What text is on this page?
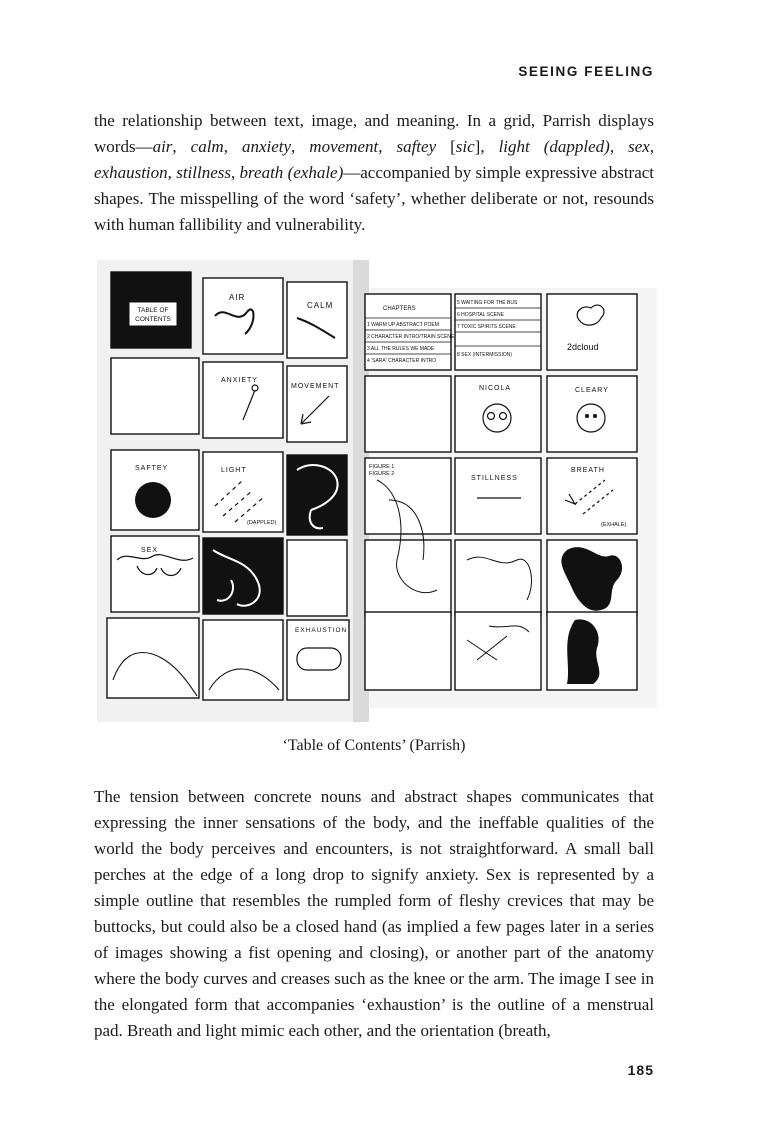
SEEING FEELING

the relationship between text, image, and meaning. In a grid, Parrish displays words—air, calm, anxiety, movement, saftey [sic], light (dappled), sex, exhaustion, stillness, breath (exhale)—accompanied by simple expressive abstract shapes. The misspelling of the word ‘safety’, whether deliberate or not, resounds with human fallibility and vulnerability.

TABLE OF
CONTENTS
AIR
CALM
ANXIETY
MOVEMENT
SAFTEY	LIGHT
(DAPPLED)
SEX
EXHAUSTION
CHAPTERS
1 WARM UP ABSTRACT POEM
2 CHARACTER INTRO/TRAIN SCENE
3 ALL THE RULES WE MADE
4 'SARA' CHARACTER INTRO
5 WAITING FOR THE BUS
6 HOSPITAL SCENE
7 TOXIC SPIRITS SCENE
8 SEX (INTERMISSION)
2dcloud
NICOLA	CLEARY
FIGURE 1
FIGURE 2
STILLNESS
BREATH
(EXHALE)
‘Table of Contents’ (Parrish)

The tension between concrete nouns and abstract shapes communicates that expressing the inner sensations of the body, and the ineffable qualities of the world the body perceives and encounters, is not straightforward. A small ball perches at the edge of a long drop to signify anxiety. Sex is represented by a simple outline that resembles the rumpled form of fleshy crevices that may be buttocks, but could also be a closed hand (as implied a few pages later in a series of images showing a fist opening and closing), or another part of the anatomy where the body curves and creases such as the knee or the arm. The image I see in the elongated form that accompanies ‘exhaustion’ is the outline of a menstrual pad. Breath and light mimic each other, and the orientation (breath,

185
